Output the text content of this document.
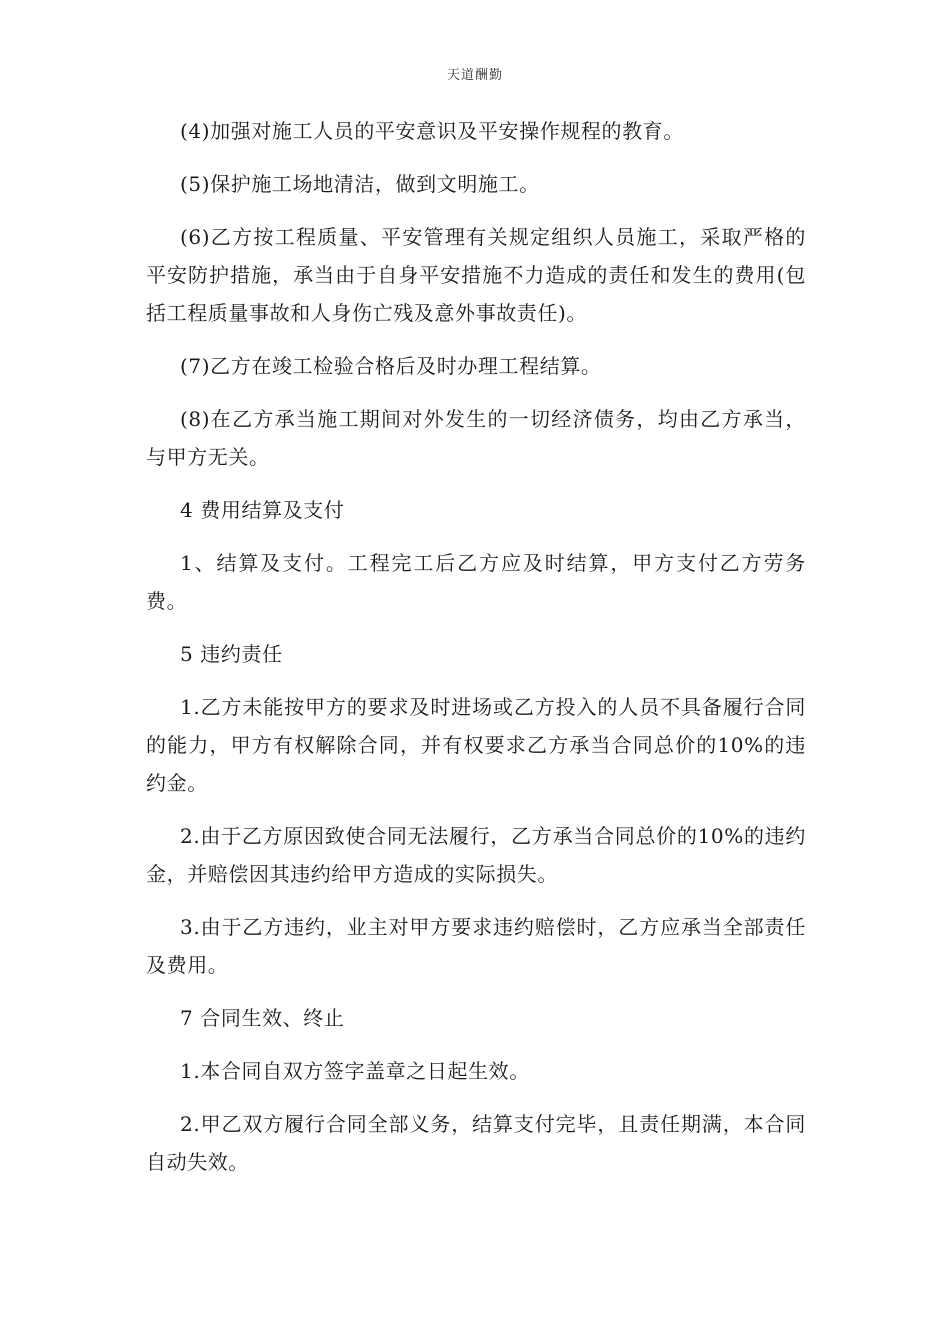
天道酬勤

(4)加强对施工人员的平安意识及平安操作规程的教育。

(5)保护施工场地清洁，做到文明施工。

(6)乙方按工程质量、平安管理有关规定组织人员施工，采取严格的平安防护措施，承当由于自身平安措施不力造成的责任和发生的费用(包括工程质量事故和人身伤亡残及意外事故责任)。

(7)乙方在竣工检验合格后及时办理工程结算。

(8)在乙方承当施工期间对外发生的一切经济债务，均由乙方承当，与甲方无关。

4 费用结算及支付

1、结算及支付。工程完工后乙方应及时结算，甲方支付乙方劳务费。

5 违约责任

1.乙方未能按甲方的要求及时进场或乙方投入的人员不具备履行合同的能力，甲方有权解除合同，并有权要求乙方承当合同总价的10%的违约金。

2.由于乙方原因致使合同无法履行，乙方承当合同总价的10%的违约金，并赔偿因其违约给甲方造成的实际损失。

3.由于乙方违约，业主对甲方要求违约赔偿时，乙方应承当全部责任及费用。

7 合同生效、终止

1.本合同自双方签字盖章之日起生效。

2.甲乙双方履行合同全部义务，结算支付完毕，且责任期满，本合同自动失效。
